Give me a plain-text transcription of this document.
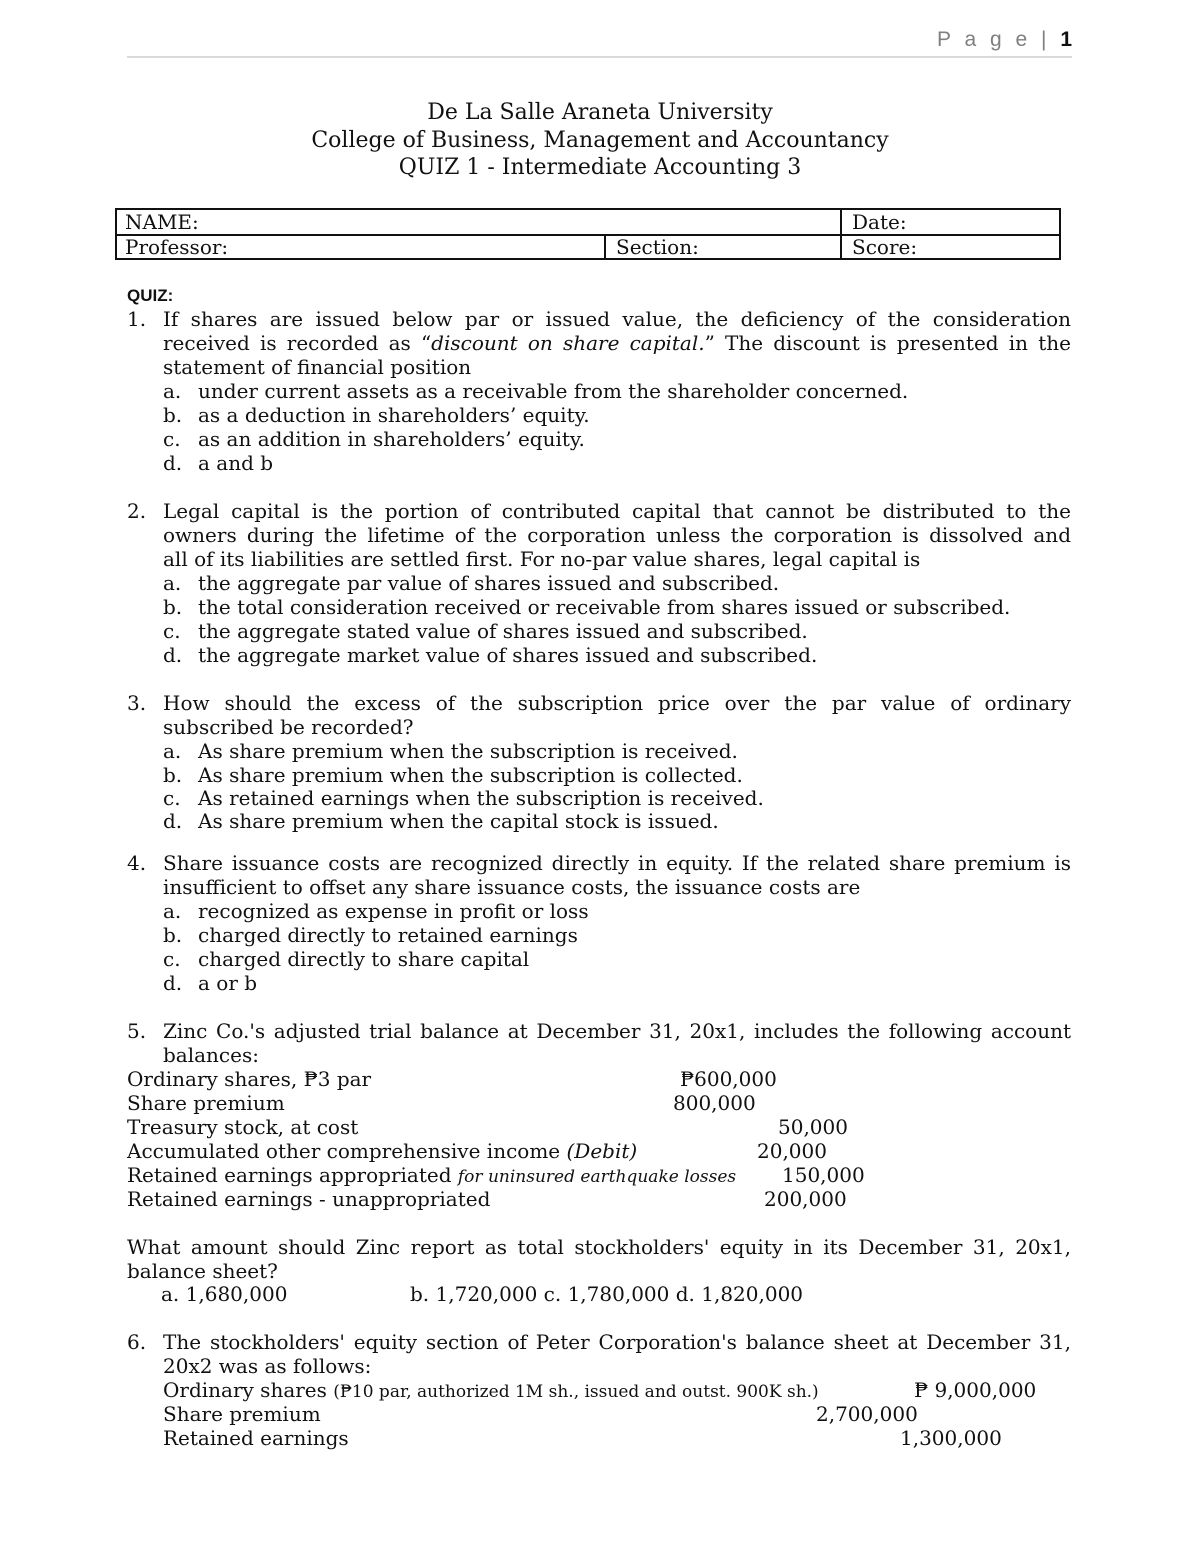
P a g e | 1
De La Salle Araneta University
College of Business, Management and Accountancy
QUIZ 1 - Intermediate Accounting 3
NAME:	Date:
Professor:	Section:	Score:
QUIZ:
1. If shares are issued below par or issued value, the deficiency of the consideration
received is recorded as “discount on share capital.” The discount is presented in the
statement of financial position
a. under current assets as a receivable from the shareholder concerned.
b. as a deduction in shareholders’ equity.
c. as an addition in shareholders’ equity.
d. a and b
2. Legal capital is the portion of contributed capital that cannot be distributed to the
owners during the lifetime of the corporation unless the corporation is dissolved and
all of its liabilities are settled first. For no-par value shares, legal capital is
a. the aggregate par value of shares issued and subscribed.
b. the total consideration received or receivable from shares issued or subscribed.
c. the aggregate stated value of shares issued and subscribed.
d. the aggregate market value of shares issued and subscribed.
3. How should the excess of the subscription price over the par value of ordinary
subscribed be recorded?
a. As share premium when the subscription is received.
b. As share premium when the subscription is collected.
c. As retained earnings when the subscription is received.
d. As share premium when the capital stock is issued.
4. Share issuance costs are recognized directly in equity. If the related share premium is
insufficient to offset any share issuance costs, the issuance costs are
a. recognized as expense in profit or loss
b. charged directly to retained earnings
c. charged directly to share capital
d. a or b
5. Zinc Co.'s adjusted trial balance at December 31, 20x1, includes the following account
balances:
Ordinary shares, ₱3 par	₱600,000
Share premium	800,000
Treasury stock, at cost	50,000
Accumulated other comprehensive income (Debit)	20,000
Retained earnings appropriated for uninsured earthquake losses 150,000
Retained earnings - unappropriated	200,000
What amount should Zinc report as total stockholders' equity in its December 31, 20x1,
balance sheet?
a. 1,680,000	b. 1,720,000 c. 1,780,000 d. 1,820,000
6. The stockholders' equity section of Peter Corporation's balance sheet at December 31,
20x2 was as follows:
Ordinary shares (₱10 par, authorized 1M sh., issued and outst. 900K sh.)	₱ 9,000,000
Share premium	2,700,000
Retained earnings	1,300,000
